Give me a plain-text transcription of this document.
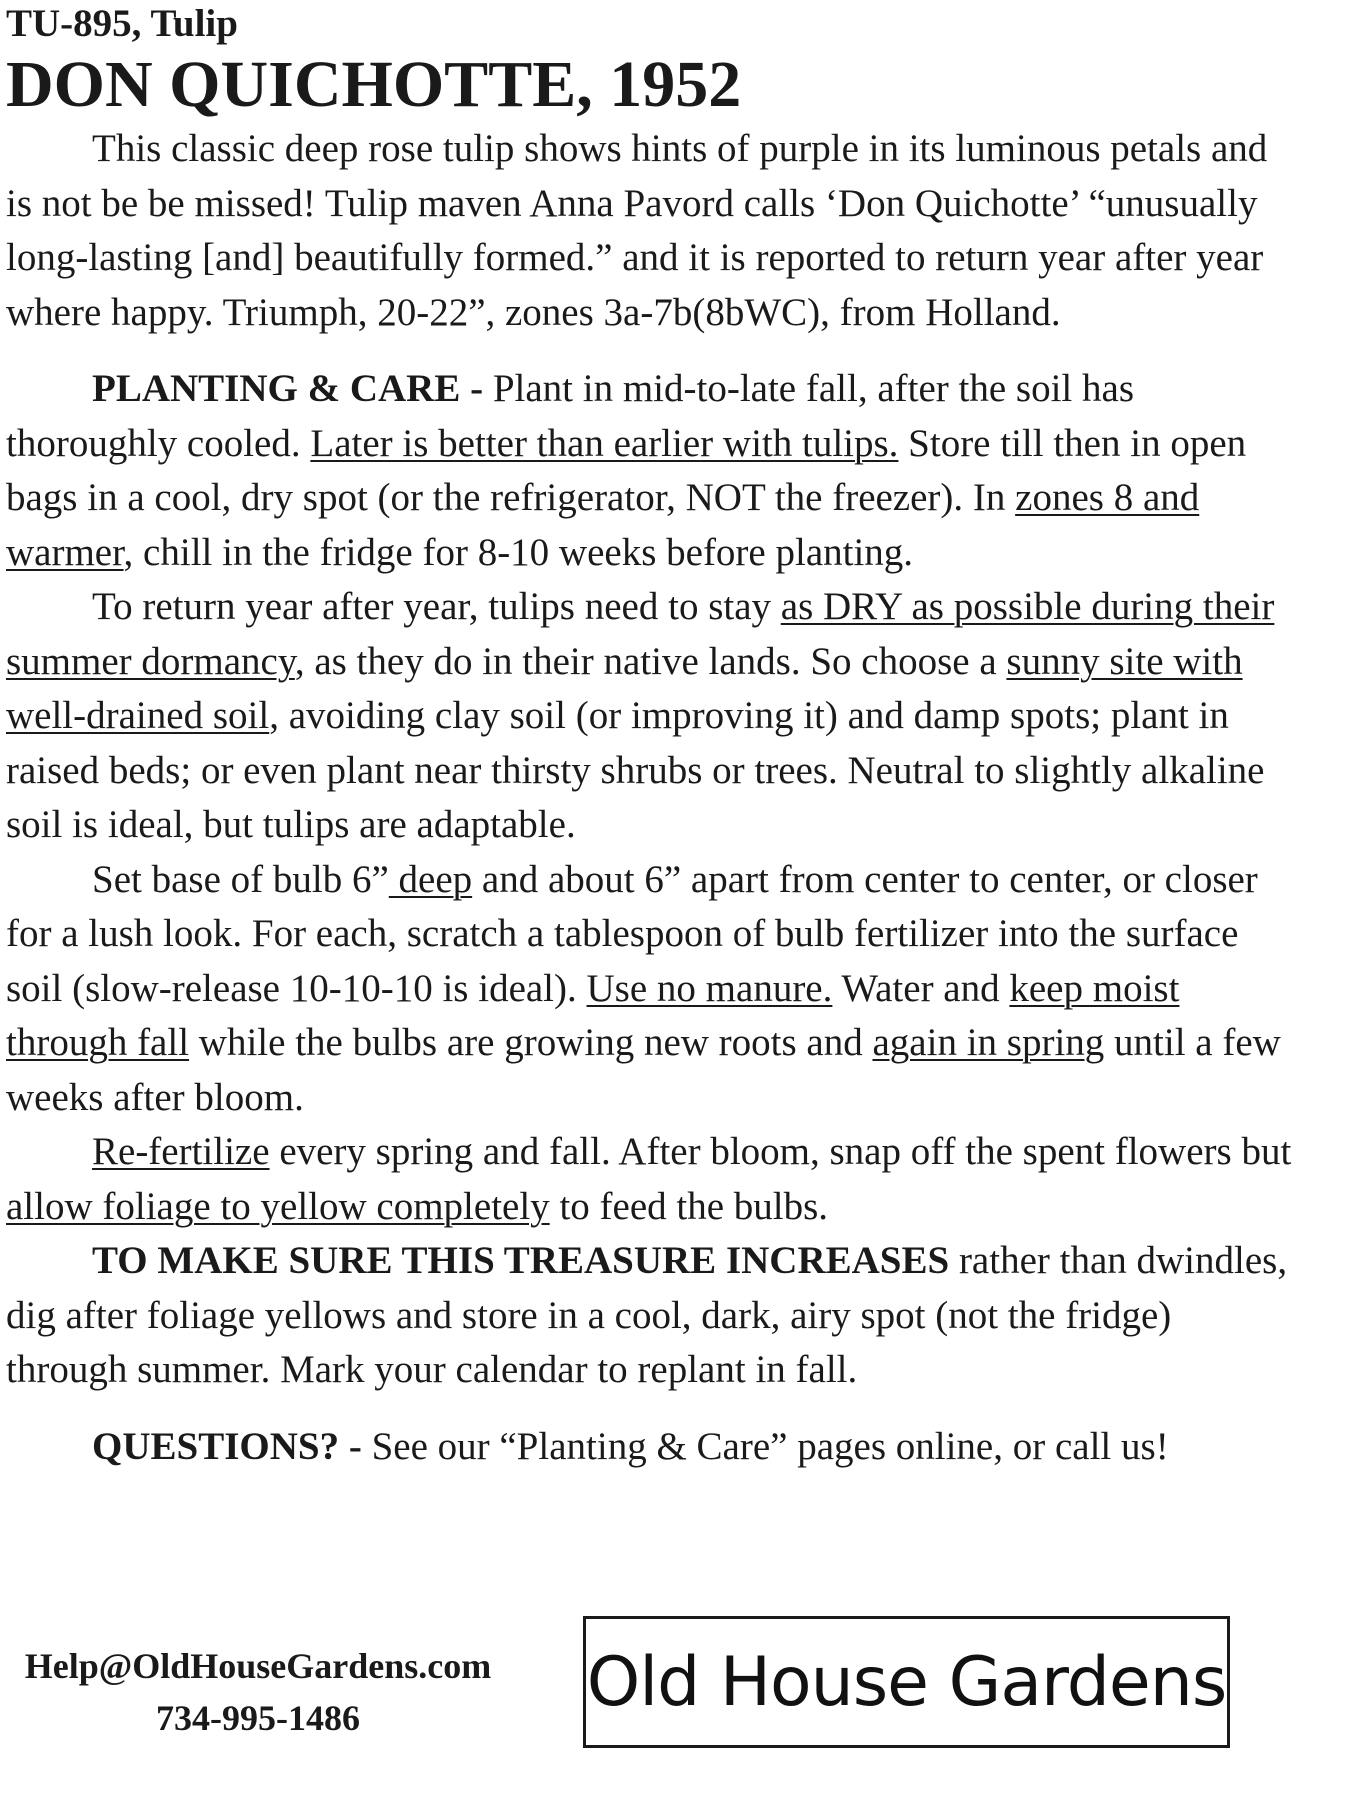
TU-895, Tulip
DON QUICHOTTE, 1952

This classic deep rose tulip shows hints of purple in its luminous petals and is not be be missed! Tulip maven Anna Pavord calls ‘Don Quichotte’ “unusually long-lasting [and] beautifully formed.” and it is reported to return year after year where happy. Triumph, 20-22”, zones 3a-7b(8bWC), from Holland.

PLANTING & CARE - Plant in mid-to-late fall, after the soil has thoroughly cooled. Later is better than earlier with tulips. Store till then in open bags in a cool, dry spot (or the refrigerator, NOT the freezer). In zones 8 and warmer, chill in the fridge for 8-10 weeks before planting.

To return year after year, tulips need to stay as DRY as possible during their summer dormancy, as they do in their native lands. So choose a sunny site with well-drained soil, avoiding clay soil (or improving it) and damp spots; plant in raised beds; or even plant near thirsty shrubs or trees. Neutral to slightly alkaline soil is ideal, but tulips are adaptable.

Set base of bulb 6” deep and about 6” apart from center to center, or closer for a lush look. For each, scratch a tablespoon of bulb fertilizer into the surface soil (slow-release 10-10-10 is ideal). Use no manure. Water and keep moist through fall while the bulbs are growing new roots and again in spring until a few weeks after bloom.

Re-fertilize every spring and fall. After bloom, snap off the spent flowers but allow foliage to yellow completely to feed the bulbs.

TO MAKE SURE THIS TREASURE INCREASES rather than dwindles, dig after foliage yellows and store in a cool, dark, airy spot (not the fridge) through summer. Mark your calendar to replant in fall.

QUESTIONS? - See our “Planting & Care” pages online, or call us!

Help@OldHouseGardens.com
734-995-1486	Old House Gardens
